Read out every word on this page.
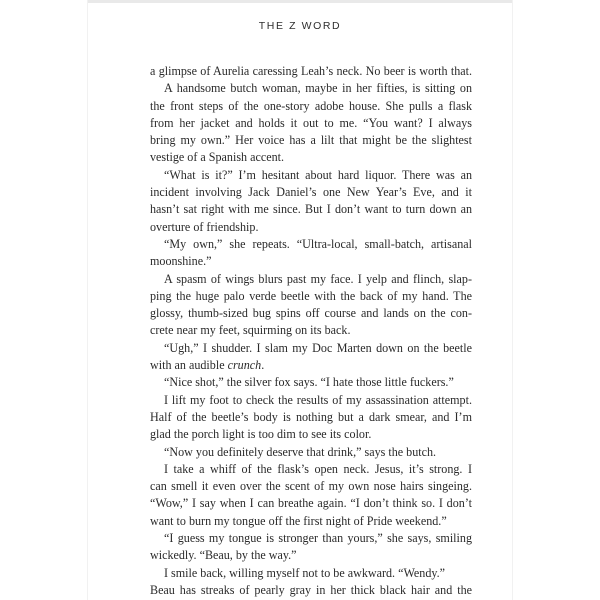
THE Z WORD
a glimpse of Aurelia caressing Leah’s neck. No beer is worth that.
A handsome butch woman, maybe in her fifties, is sitting on
the front steps of the one-story adobe house. She pulls a flask
from her jacket and holds it out to me. “You want? I always
bring my own.” Her voice has a lilt that might be the slightest
vestige of a Spanish accent.
“What is it?” I’m hesitant about hard liquor. There was an
incident involving Jack Daniel’s one New Year’s Eve, and it
hasn’t sat right with me since. But I don’t want to turn down an
overture of friendship.
“My own,” she repeats. “Ultra-local, small-batch, artisanal
moonshine.”
A spasm of wings blurs past my face. I yelp and flinch, slap-
ping the huge palo verde beetle with the back of my hand. The
glossy, thumb-sized bug spins off course and lands on the con-
crete near my feet, squirming on its back.
“Ugh,” I shudder. I slam my Doc Marten down on the beetle
with an audible crunch.
“Nice shot,” the silver fox says. “I hate those little fuckers.”
I lift my foot to check the results of my assassination attempt.
Half of the beetle’s body is nothing but a dark smear, and I’m
glad the porch light is too dim to see its color.
“Now you definitely deserve that drink,” says the butch.
I take a whiff of the flask’s open neck. Jesus, it’s strong. I
can smell it even over the scent of my own nose hairs singeing.
“Wow,” I say when I can breathe again. “I don’t think so. I don’t
want to burn my tongue off the first night of Pride weekend.”
“I guess my tongue is stronger than yours,” she says, smiling
wickedly. “Beau, by the way.”
I smile back, willing myself not to be awkward. “Wendy.”
Beau has streaks of pearly gray in her thick black hair and the
